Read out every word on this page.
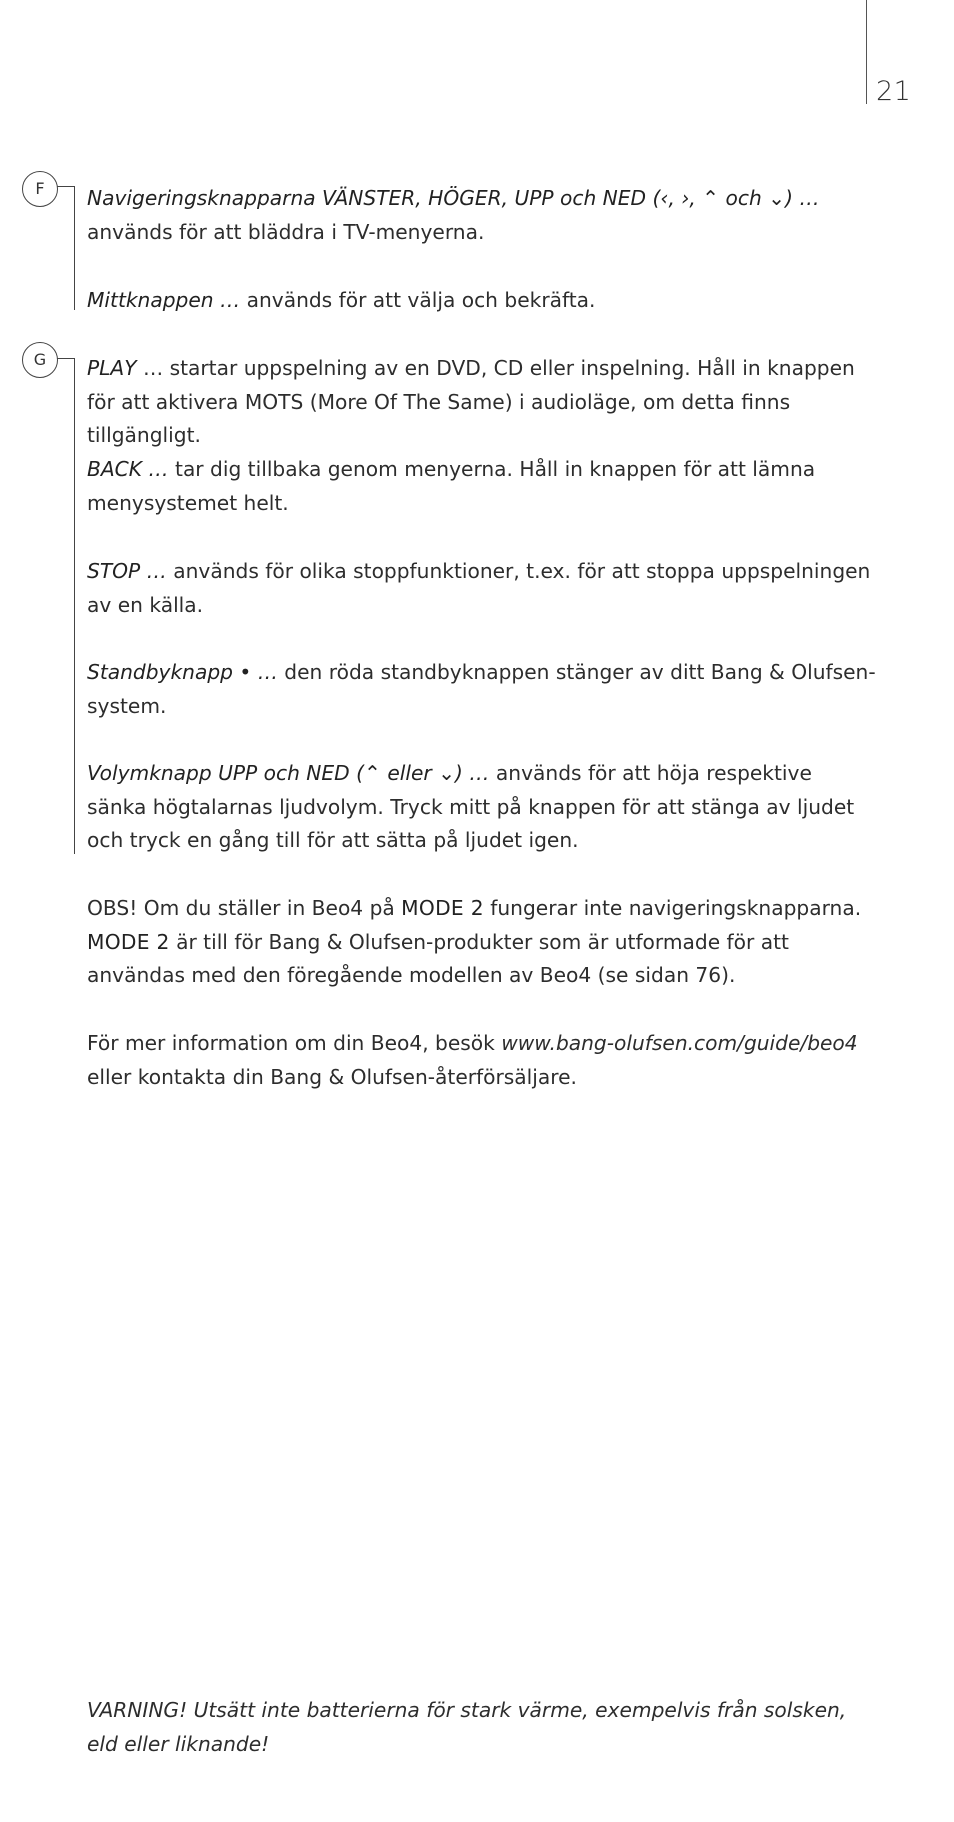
21
F	Navigeringsknapparna VÄNSTER, HÖGER, UPP och NED (‹, ›, ⌃ och ⌄) … används för att bläddra i TV-menyerna.

Mittknappen … används för att välja och bekräfta.

G	PLAY … startar uppspelning av en DVD, CD eller inspelning. Håll in knappen för att aktivera MOTS (More Of The Same) i audioläge, om detta finns tillgängligt.

BACK … tar dig tillbaka genom menyerna. Håll in knappen för att lämna menysystemet helt.

STOP … används för olika stoppfunktioner, t.ex. för att stoppa uppspelningen av en källa.

Standbyknapp • … den röda standbyknappen stänger av ditt Bang & Olufsen-system.

Volymknapp UPP och NED (⌃ eller ⌄) … används för att höja respektive sänka högtalarnas ljudvolym. Tryck mitt på knappen för att stänga av ljudet och tryck en gång till för att sätta på ljudet igen.

OBS! Om du ställer in Beo4 på MODE 2 fungerar inte navigeringsknapparna. MODE 2 är till för Bang & Olufsen-produkter som är utformade för att användas med den föregående modellen av Beo4 (se sidan 76).

För mer information om din Beo4, besök www.bang-olufsen.com/guide/beo4 eller kontakta din Bang & Olufsen-återförsäljare.

VARNING! Utsätt inte batterierna för stark värme, exempelvis från solsken, eld eller liknande!
